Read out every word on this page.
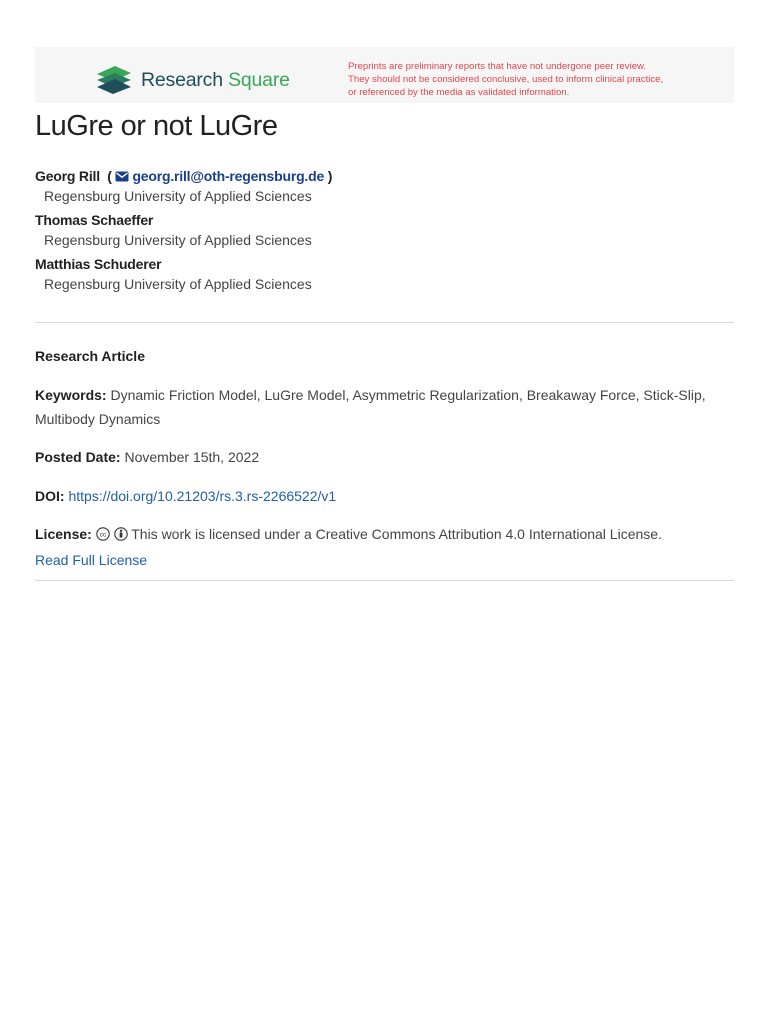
Research Square
Preprints are preliminary reports that have not undergone peer review.
They should not be considered conclusive, used to inform clinical practice,
or referenced by the media as validated information.
LuGre or not LuGre
Georg Rill  ( georg.rill@oth-regensburg.de )
Regensburg University of Applied Sciences
Thomas Schaeffer
Regensburg University of Applied Sciences
Matthias Schuderer
Regensburg University of Applied Sciences
Research Article
Keywords: Dynamic Friction Model, LuGre Model, Asymmetric Regularization, Breakaway Force, Stick-Slip, Multibody Dynamics
Posted Date: November 15th, 2022
DOI: https://doi.org/10.21203/rs.3.rs-2266522/v1
License: cc This work is licensed under a Creative Commons Attribution 4.0 International License.
Read Full License
